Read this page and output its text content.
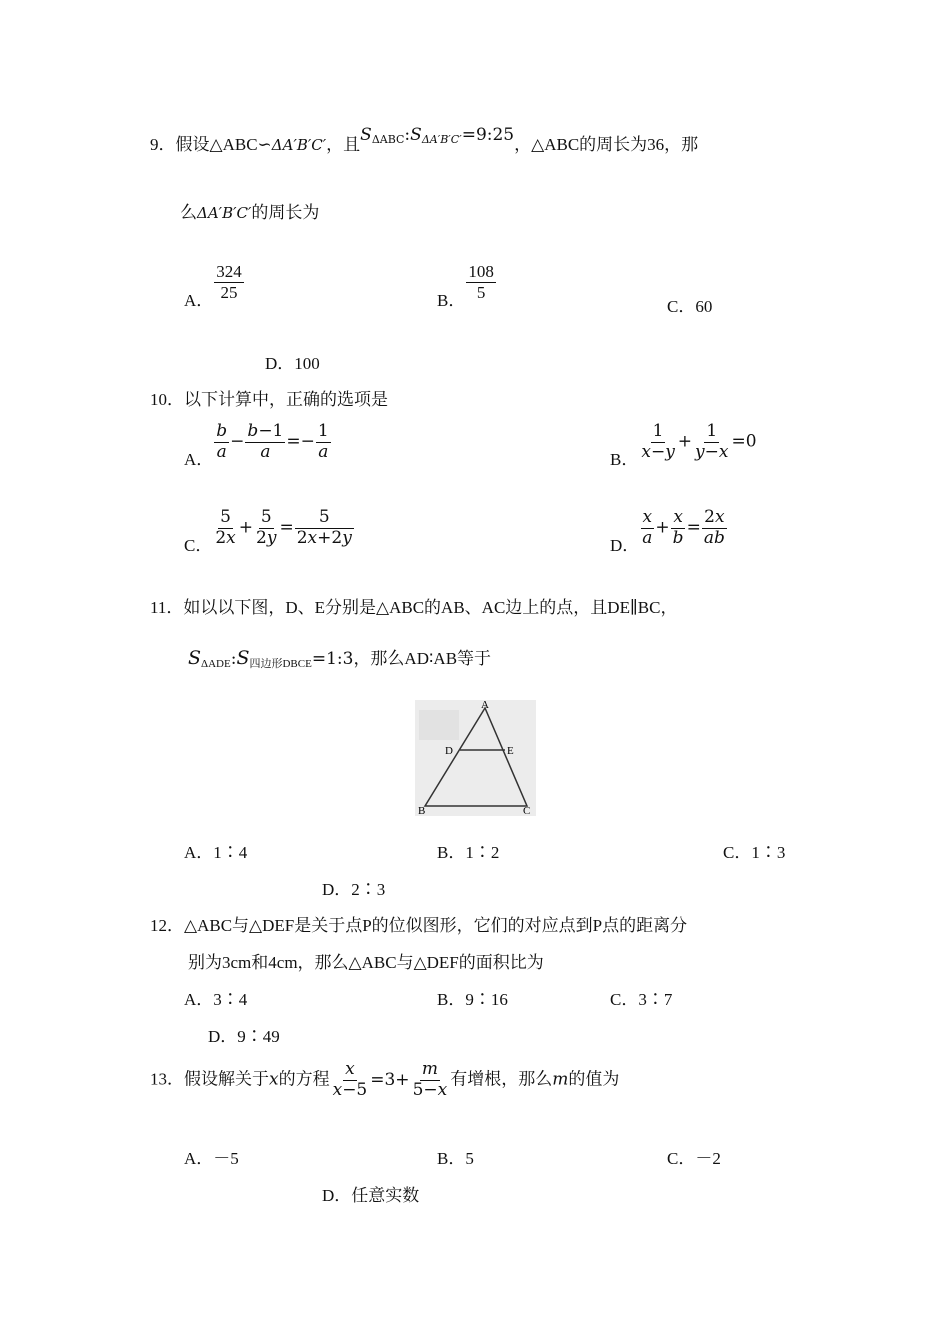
9．假设△ABC∽ΔA′B′C′，且$S_{\Delta ABC}:S_{\Delta A'B'C'}=9:25$，△ABC的周长为36，那
么ΔA′B′C′的周长为
A． $\frac{324}{25}$	B． $\frac{108}{5}$
C．60
D．100
10．以下计算中，正确的选项是
A． $\frac{b}{a} - \frac{b-1}{a} =- \frac{1}{a}$	B． $\frac{1}{x-y} + \frac{1}{y-x} =0$
C． $\frac{5}{2x} + \frac{5}{2y} = \frac{5}{2x+2y}$	D． $\frac{x}{a} + \frac{x}{b} = \frac{2x}{ab}$
11．如以以下图，D、E分别是△ABC的AB、AC边上的点，且DE∥BC，
$S_{\Delta ADE}:S_{四边形DBCE}=1:3$，那么AD∶AB等于
A
D	E
B	C
A．1∶4	B．1∶2	C．1∶3
D．2∶3
12．△ABC与△DEF是关于点P的位似图形，它们的对应点到P点的距离分
别为3cm和4cm，那么△ABC与△DEF的面积比为
A．3∶4	B．9∶16	C．3∶7
D．9∶49
13．假设解关于x的方程 $\frac{x}{x-5} =3+ \frac{m}{5-x}$ 有增根，那么m的值为
A．－5	B．5	C．－2
D．任意实数
